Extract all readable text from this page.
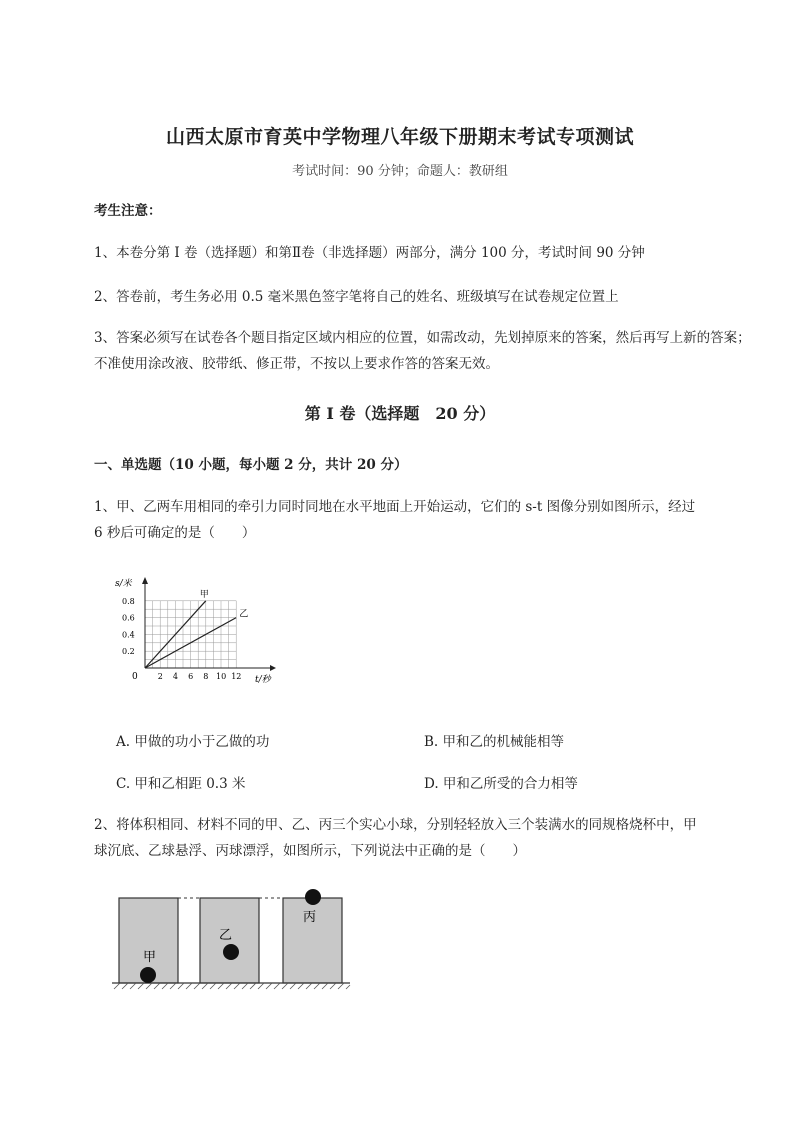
山西太原市育英中学物理八年级下册期末考试专项测试
考试时间：90 分钟；命题人：教研组
考生注意：
1、本卷分第 I 卷（选择题）和第Ⅱ卷（非选择题）两部分，满分 100 分，考试时间 90 分钟
2、答卷前，考生务必用 0.5 毫米黑色签字笔将自己的姓名、班级填写在试卷规定位置上
3、答案必须写在试卷各个题目指定区域内相应的位置，如需改动，先划掉原来的答案，然后再写上新的答案；不准使用涂改液、胶带纸、修正带，不按以上要求作答的答案无效。
第 I 卷（选择题　20 分）
一、单选题（10 小题，每小题 2 分，共计 20 分）
1、甲、乙两车用相同的牵引力同时同地在水平地面上开始运动，它们的 s-t 图像分别如图所示，经过
6 秒后可确定的是（　　）
s/米
t/秒
0
0.2
0.4
0.6
0.8
2 4 6 8 10 12
甲
乙
A. 甲做的功小于乙做的功	B. 甲和乙的机械能相等
C. 甲和乙相距 0.3 米	D. 甲和乙所受的合力相等
2、将体积相同、材料不同的甲、乙、丙三个实心小球，分别轻轻放入三个装满水的同规格烧杯中，甲
球沉底、乙球悬浮、丙球漂浮，如图所示，下列说法中正确的是（　　）
甲
乙
丙
